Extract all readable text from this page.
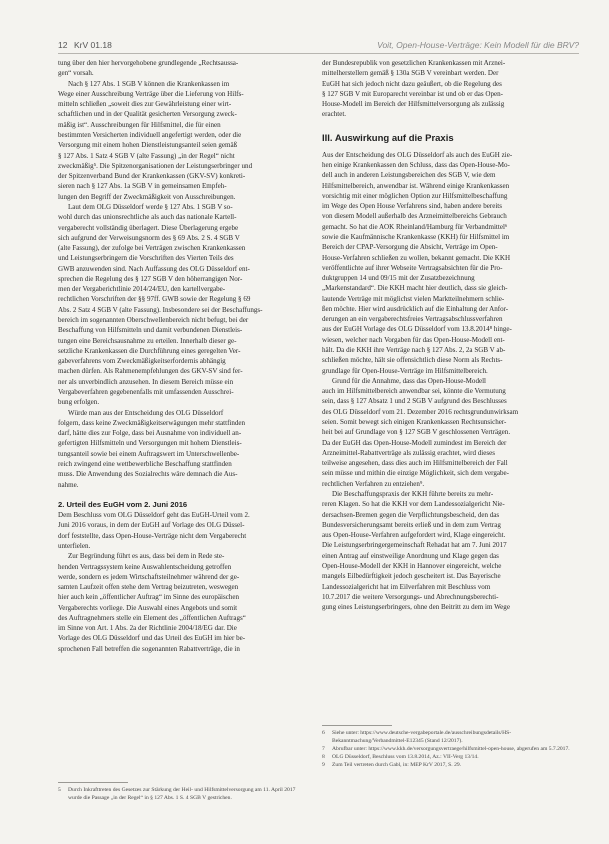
12 KrV 01.18	Voit, Open-House-Verträge: Kein Modell für die BRV?

tung über den hier hervorgehobene grundlegende „Rechtsaussa-

gen“ vorsah.

Nach § 127 Abs. 1 SGB V können die Krankenkassen im

Wege einer Ausschreibung Verträge über die Lieferung von Hilfs-

mitteln schließen „soweit dies zur Gewährleistung einer wirt-

schaftlichen und in der Qualität gesicherten Versorgung zweck-

mäßig ist“. Ausschreibungen für Hilfsmittel, die für einen

bestimmten Versicherten individuell angefertigt werden, oder die

Versorgung mit einem hohen Dienstleistungsanteil seien gemäß

§ 127 Abs. 1 Satz 4 SGB V (alte Fassung) „in der Regel“ nicht

zweckmäßig⁵. Die Spitzenorganisationen der Leistungserbringer und

der Spitzenverband Bund der Krankenkassen (GKV-SV) konkreti-

sieren nach § 127 Abs. 1a SGB V in gemeinsamen Empfeh-

lungen den Begriff der Zweckmäßigkeit von Ausschreibungen.

Laut dem OLG Düsseldorf werde § 127 Abs. 1 SGB V so-

wohl durch das unionsrechtliche als auch das nationale Kartell-

vergaberecht vollständig überlagert. Diese Überlagerung ergebe

sich aufgrund der Verweisungsnorm des § 69 Abs. 2 S. 4 SGB V

(alte Fassung), der zufolge bei Verträgen zwischen Krankenkassen

und Leistungserbringern die Vorschriften des Vierten Teils des

GWB anzuwenden sind. Nach Auffassung des OLG Düsseldorf ent-

sprechen die Regelung des § 127 SGB V den höherrangigen Nor-

men der Vergaberichtlinie 2014/24/EU, den kartellvergabe-

rechtlichen Vorschriften der §§ 97ff. GWB sowie der Regelung § 69

Abs. 2 Satz 4 SGB V (alte Fassung). Insbesondere sei der Beschaffungs-

bereich im sogenannten Oberschwellenbereich nicht befugt, bei der

Beschaffung von Hilfsmitteln und damit verbundenen Dienstleis-

tungen eine Bereichsausnahme zu erteilen. Innerhalb dieser ge-

setzliche Krankenkassen die Durchführung eines geregelten Ver-

gabeverfahrens vom Zweckmäßigkeitserfordernis abhängig

machen dürfen. Als Rahmenempfehlungen des GKV-SV sind fer-

ner als unverbindlich anzusehen. In diesem Bereich müsse ein

Vergabeverfahren gegebenenfalls mit umfassenden Ausschrei-

bung erfolgen.

Würde man aus der Entscheidung des OLG Düsseldorf

folgern, dass keine Zweckmäßigkeitserwägungen mehr stattfinden

darf, hätte dies zur Folge, dass bei Ausnahme von individuell an-

gefertigten Hilfsmitteln und Versorgungen mit hohem Dienstleis-

tungsanteil sowie bei einem Auftragswert im Unterschwellenbe-

reich zwingend eine wettbewerbliche Beschaffung stattfinden

muss. Die Anwendung des Sozialrechts wäre demnach die Aus-

nahme.

2. Urteil des EuGH vom 2. Juni 2016

Dem Beschluss vom OLG Düsseldorf geht das EuGH-Urteil vom 2.

Juni 2016 voraus, in dem der EuGH auf Vorlage des OLG Düssel-

dorf feststellte, dass Open-House-Verträge nicht dem Vergaberecht

unterfielen.

Zur Begründung führt es aus, dass bei dem in Rede ste-

henden Vertragssystem keine Auswahlentscheidung getroffen

werde, sondern es jedem Wirtschaftsteilnehmer während der ge-

samten Laufzeit offen stehe dem Vertrag beizutreten, weswegen

hier auch kein „öffentlicher Auftrag“ im Sinne des europäischen

Vergaberechts vorliege. Die Auswahl eines Angebots und somit

des Auftragnehmers stelle ein Element des „öffentlichen Auftrags“

im Sinne von Art. 1 Abs. 2a der Richtlinie 2004/18/EG dar. Die

Vorlage des OLG Düsseldorf und das Urteil des EuGH im hier be-

sprochenen Fall betreffen die sogenannten Rabattverträge, die in

der Bundesrepublik von gesetzlichen Krankenkassen mit Arznei-

mittelherstellern gemäß § 130a SGB V vereinbart werden. Der

EuGH hat sich jedoch nicht dazu geäußert, ob die Regelung des

§ 127 SGB V mit Europarecht vereinbar ist und ob er das Open-

House-Modell im Bereich der Hilfsmittelversorgung als zulässig

erachtet.

III. Auswirkung auf die Praxis

Aus der Entscheidung des OLG Düsseldorf als auch des EuGH zie-

hen einige Krankenkassen den Schluss, dass das Open-House-Mo-

dell auch in anderen Leistungsbereichen des SGB V, wie dem

Hilfsmittelbereich, anwendbar ist. Während einige Krankenkassen

vorsichtig mit einer möglichen Option zur Hilfsmittelbeschaffung

im Wege des Open House Verfahrens sind, haben andere bereits

von diesem Modell außerhalb des Arzneimittelbereichs Gebrauch

gemacht. So hat die AOK Rheinland/Hamburg für Verbandmittel⁶

sowie die Kaufmännische Krankenkasse (KKH) für Hilfsmittel im

Bereich der CPAP-Versorgung die Absicht, Verträge im Open-

House-Verfahren schließen zu wollen, bekannt gemacht. Die KKH

veröffentlichte auf ihrer Webseite Vertragsabsichten für die Pro-

duktgruppen 14 und 09/15 mit der Zusatzbezeichnung

„Markenstandard“. Die KKH macht hier deutlich, dass sie gleich-

lautende Verträge mit möglichst vielen Marktteilnehmern schlie-

ßen möchte. Hier wird ausdrücklich auf die Einhaltung der Anfor-

derungen an ein vergaberechtsfreies Vertragsabschlussverfahren

aus der EuGH Vorlage des OLG Düsseldorf vom 13.8.2014⁸ hinge-

wiesen, welcher nach Vorgaben für das Open-House-Modell ent-

hält. Da die KKH ihre Verträge nach § 127 Abs. 2, 2a SGB V ab-

schließen möchte, hält sie offensichtlich diese Norm als Rechts-

grundlage für Open-House-Verträge im Hilfsmittelbereich.

Grund für die Annahme, dass das Open-House-Modell

auch im Hilfsmittelbereich anwendbar sei, könnte die Vermutung

sein, dass § 127 Absatz 1 und 2 SGB V aufgrund des Beschlusses

des OLG Düsseldorf vom 21. Dezember 2016 rechtsgrundunwirksam

seien. Somit bewegt sich einigen Krankenkassen Rechtsunsicher-

heit bei auf Grundlage von § 127 SGB V geschlossenen Verträgen.

Da der EuGH das Open-House-Modell zumindest im Bereich der

Arzneimittel-Rabattverträge als zulässig erachtet, wird dieses

teilweise angesehen, dass dies auch im Hilfsmittelbereich der Fall

sein müsse und mithin die einzige Möglichkeit, sich dem vergabe-

rechtlichen Verfahren zu entziehen⁹.

Die Beschaffungspraxis der KKH führte bereits zu mehr-

reren Klagen. So hat die KKH vor dem Landessozialgericht Nie-

dersachsen-Bremen gegen die Verpflichtungsbescheid, den das

Bundesversicherungsamt bereits erließ und in dem zum Vertrag

aus Open-House-Verfahren aufgefordert wird, Klage eingereicht.

Die Leistungserbringergemeinschaft Rehadat hat am 7. Juni 2017

einen Antrag auf einstweilige Anordnung und Klage gegen das

Open-House-Modell der KKH in Hannover eingereicht, welche

mangels Eilbedürftigkeit jedoch gescheitert ist. Das Bayerische

Landessozialgericht hat im Eilverfahren mit Beschluss vom

10.7.2017 die weitere Versorgungs- und Abrechnungsberechti-

gung eines Leistungserbringers, ohne den Beitritt zu dem im Wege

5	Durch Inkrafttreten des Gesetzes zur Stärkung der Heil- und Hilfsmittelversorgung am 11. April 2017 wurde die Passage „in der Regel“ in § 127 Abs. 1 S. 4 SGB V gestrichen.
6	Siehe unter: https://www.deutsche-vergabeportale.de/ausschreibungsdetails/HS-Bekanntmachung/Verbandmittel-E12345 (Stand 12/2017).
7	Abrufbar unter: https://www.kkh.de/versorgungsvertraege/hilfsmittel-open-house, abgerufen am 5.7.2017.
8	OLG Düsseldorf, Beschluss vom 13.8.2014, Az.: VII-Verg 13/14.
9	Zum Teil vertreten durch Gabl, in: MEP KrV 2017, S. 29.
